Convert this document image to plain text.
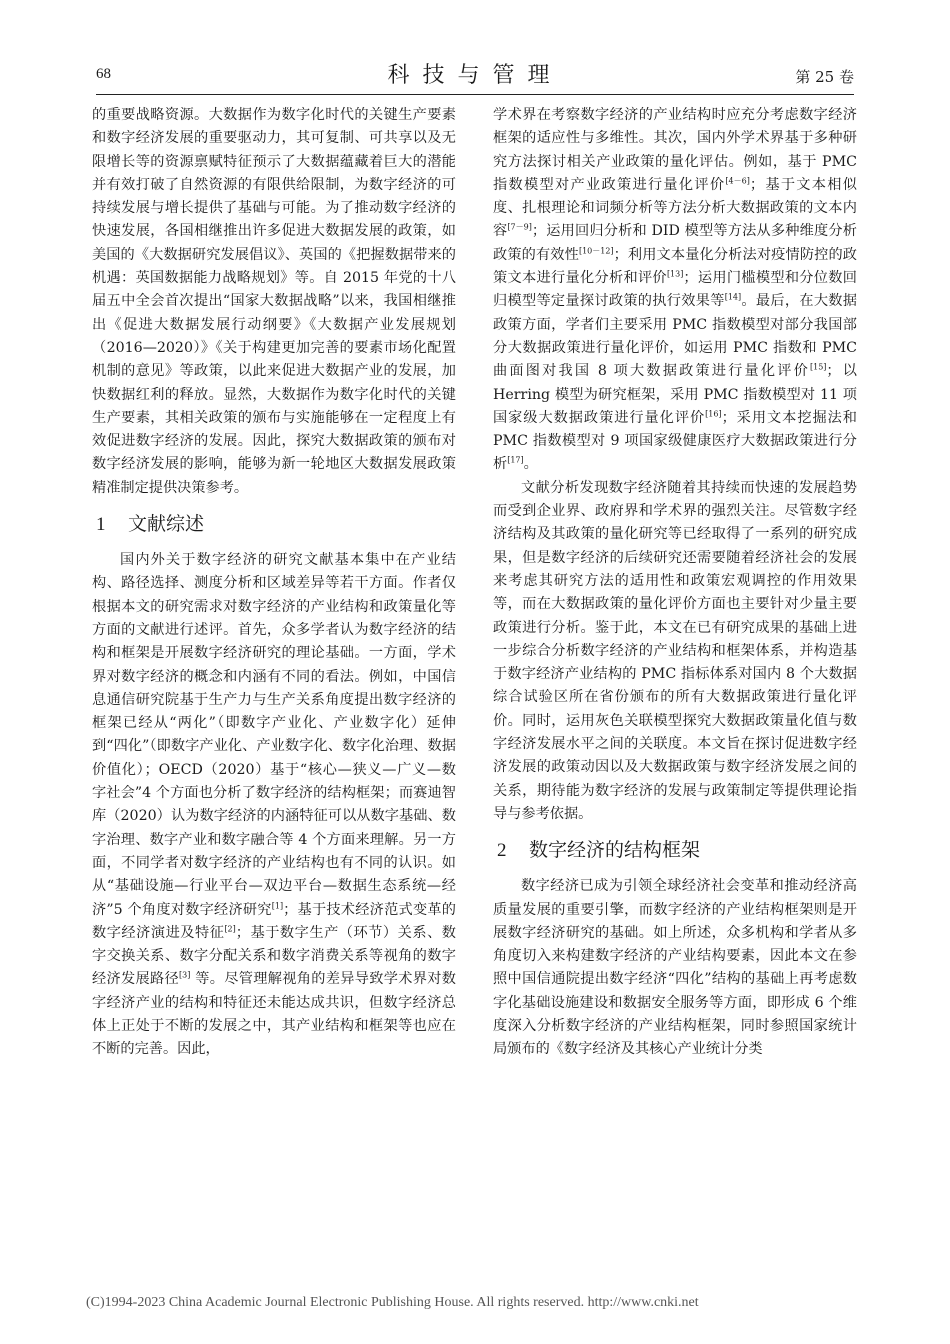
68	科技与管理	第 25 卷

的重要战略资源。大数据作为数字化时代的关键生产要素和数字经济发展的重要驱动力，其可复制、可共享以及无限增长等的资源禀赋特征预示了大数据蕴藏着巨大的潜能并有效打破了自然资源的有限供给限制，为数字经济的可持续发展与增长提供了基础与可能。为了推动数字经济的快速发展，各国相继推出许多促进大数据发展的政策，如美国的《大数据研究发展倡议》、英国的《把握数据带来的机遇：英国数据能力战略规划》等。自 2015 年党的十八届五中全会首次提出“国家大数据战略”以来，我国相继推出《促进大数据发展行动纲要》《大数据产业发展规划（2016—2020）》《关于构建更加完善的要素市场化配置机制的意见》等政策，以此来促进大数据产业的发展，加快数据红利的释放。显然，大数据作为数字化时代的关键生产要素，其相关政策的颁布与实施能够在一定程度上有效促进数字经济的发展。因此，探究大数据政策的颁布对数字经济发展的影响，能够为新一轮地区大数据发展政策精准制定提供决策参考。

1 文献综述

国内外关于数字经济的研究文献基本集中在产业结构、路径选择、测度分析和区域差异等若干方面。作者仅根据本文的研究需求对数字经济的产业结构和政策量化等方面的文献进行述评。首先，众多学者认为数字经济的结构和框架是开展数字经济研究的理论基础。一方面，学术界对数字经济的概念和内涵有不同的看法。例如，中国信息通信研究院基于生产力与生产关系角度提出数字经济的框架已经从“两化”（即数字产业化、产业数字化）延伸到“四化”（即数字产业化、产业数字化、数字化治理、数据价值化）；OECD（2020）基于“核心—狭义—广义—数字社会”4 个方面也分析了数字经济的结构框架；而赛迪智库（2020）认为数字经济的内涵特征可以从数字基础、数字治理、数字产业和数字融合等 4 个方面来理解。另一方面，不同学者对数字经济的产业结构也有不同的认识。如从“基础设施—行业平台—双边平台—数据生态系统—经济”5 个角度对数字经济研究[1]；基于技术经济范式变革的数字经济演进及特征[2]；基于数字生产（环节）关系、数字交换关系、数字分配关系和数字消费关系等视角的数字经济发展路径[3] 等。尽管理解视角的差异导致学术界对数字经济产业的结构和特征还未能达成共识，但数字经济总体上正处于不断的发展之中，其产业结构和框架等也应在不断的完善。因此，

学术界在考察数字经济的产业结构时应充分考虑数字经济框架的适应性与多维性。其次，国内外学术界基于多种研究方法探讨相关产业政策的量化评估。例如，基于 PMC 指数模型对产业政策进行量化评价[4－6]；基于文本相似度、扎根理论和词频分析等方法分析大数据政策的文本内容[7－9]；运用回归分析和 DID 模型等方法从多种维度分析政策的有效性[10－12]；利用文本量化分析法对疫情防控的政策文本进行量化分析和评价[13]；运用门槛模型和分位数回归模型等定量探讨政策的执行效果等[14]。最后，在大数据政策方面，学者们主要采用 PMC 指数模型对部分我国部分大数据政策进行量化评价，如运用 PMC 指数和 PMC 曲面图对我国 8 项大数据政策进行量化评价[15]；以 Herring 模型为研究框架，采用 PMC 指数模型对 11 项国家级大数据政策进行量化评价[16]；采用文本挖掘法和 PMC 指数模型对 9 项国家级健康医疗大数据政策进行分析[17]。

文献分析发现数字经济随着其持续而快速的发展趋势而受到企业界、政府界和学术界的强烈关注。尽管数字经济结构及其政策的量化研究等已经取得了一系列的研究成果，但是数字经济的后续研究还需要随着经济社会的发展来考虑其研究方法的适用性和政策宏观调控的作用效果等，而在大数据政策的量化评价方面也主要针对少量主要政策进行分析。鉴于此，本文在已有研究成果的基础上进一步综合分析数字经济的产业结构和框架体系，并构造基于数字经济产业结构的 PMC 指标体系对国内 8 个大数据综合试验区所在省份颁布的所有大数据政策进行量化评价。同时，运用灰色关联模型探究大数据政策量化值与数字经济发展水平之间的关联度。本文旨在探讨促进数字经济发展的政策动因以及大数据政策与数字经济发展之间的关系，期待能为数字经济的发展与政策制定等提供理论指导与参考依据。

2 数字经济的结构框架

数字经济已成为引领全球经济社会变革和推动经济高质量发展的重要引擎，而数字经济的产业结构框架则是开展数字经济研究的基础。如上所述，众多机构和学者从多角度切入来构建数字经济的产业结构要素，因此本文在参照中国信通院提出数字经济“四化”结构的基础上再考虑数字化基础设施建设和数据安全服务等方面，即形成 6 个维度深入分析数字经济的产业结构框架，同时参照国家统计局颁布的《数字经济及其核心产业统计分类

(C)1994-2023 China Academic Journal Electronic Publishing House. All rights reserved. http://www.cnki.net
